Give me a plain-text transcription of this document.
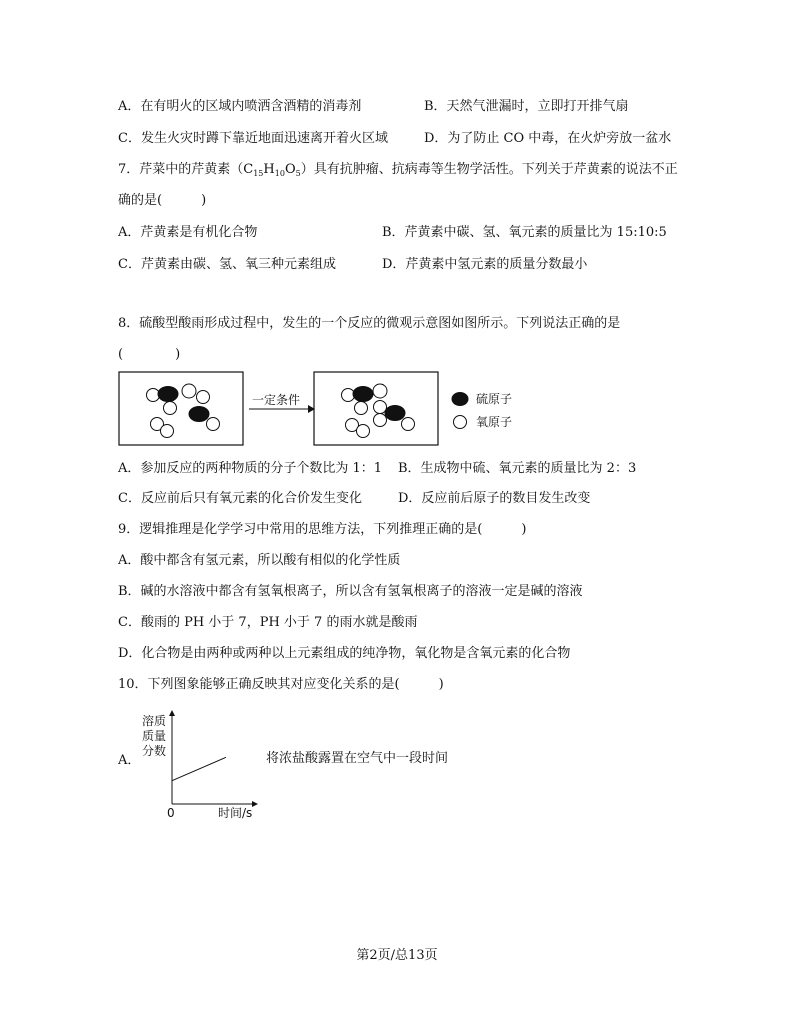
A．在有明火的区域内喷洒含酒精的消毒剂	B．天然气泄漏时，立即打开排气扇
C．发生火灾时蹲下靠近地面迅速离开着火区域	D．为了防止 CO 中毒，在火炉旁放一盆水
7．芹菜中的芹黄素$(C_{15}H_{10}O_5)$具有抗肿瘤、抗病毒等生物学活性。下列关于芹黄素的说法不正
确的是(　　　)
A．芹黄素是有机化合物	B．芹黄素中碳、氢、氧元素的质量比为 15:10:5
C．芹黄素由碳、氢、氧三种元素组成	D．芹黄素中氢元素的质量分数最小
8．硫酸型酸雨形成过程中，发生的一个反应的微观示意图如图所示。下列说法正确的是
(　　　　)
一定条件	硫原子
氧原子
A．参加反应的两种物质的分子个数比为 1：1 B．生成物中硫、氧元素的质量比为 2：3
C．反应前后只有氧元素的化合价发生变化	D．反应前后原子的数目发生改变
9．逻辑推理是化学学习中常用的思维方法，下列推理正确的是(　　　)
A．酸中都含有氢元素，所以酸有相似的化学性质
B．碱的水溶液中都含有氢氧根离子，所以含有氢氧根离子的溶液一定是碱的溶液
C．酸雨的 PH 小于 7，PH 小于 7 的雨水就是酸雨
D．化合物是由两种或两种以上元素组成的纯净物，氧化物是含氧元素的化合物
10．下列图象能够正确反映其对应变化关系的是(　　　)
A．
溶质
质量
分数
0	时间/s
将浓盐酸露置在空气中一段时间
第2页/总13页
